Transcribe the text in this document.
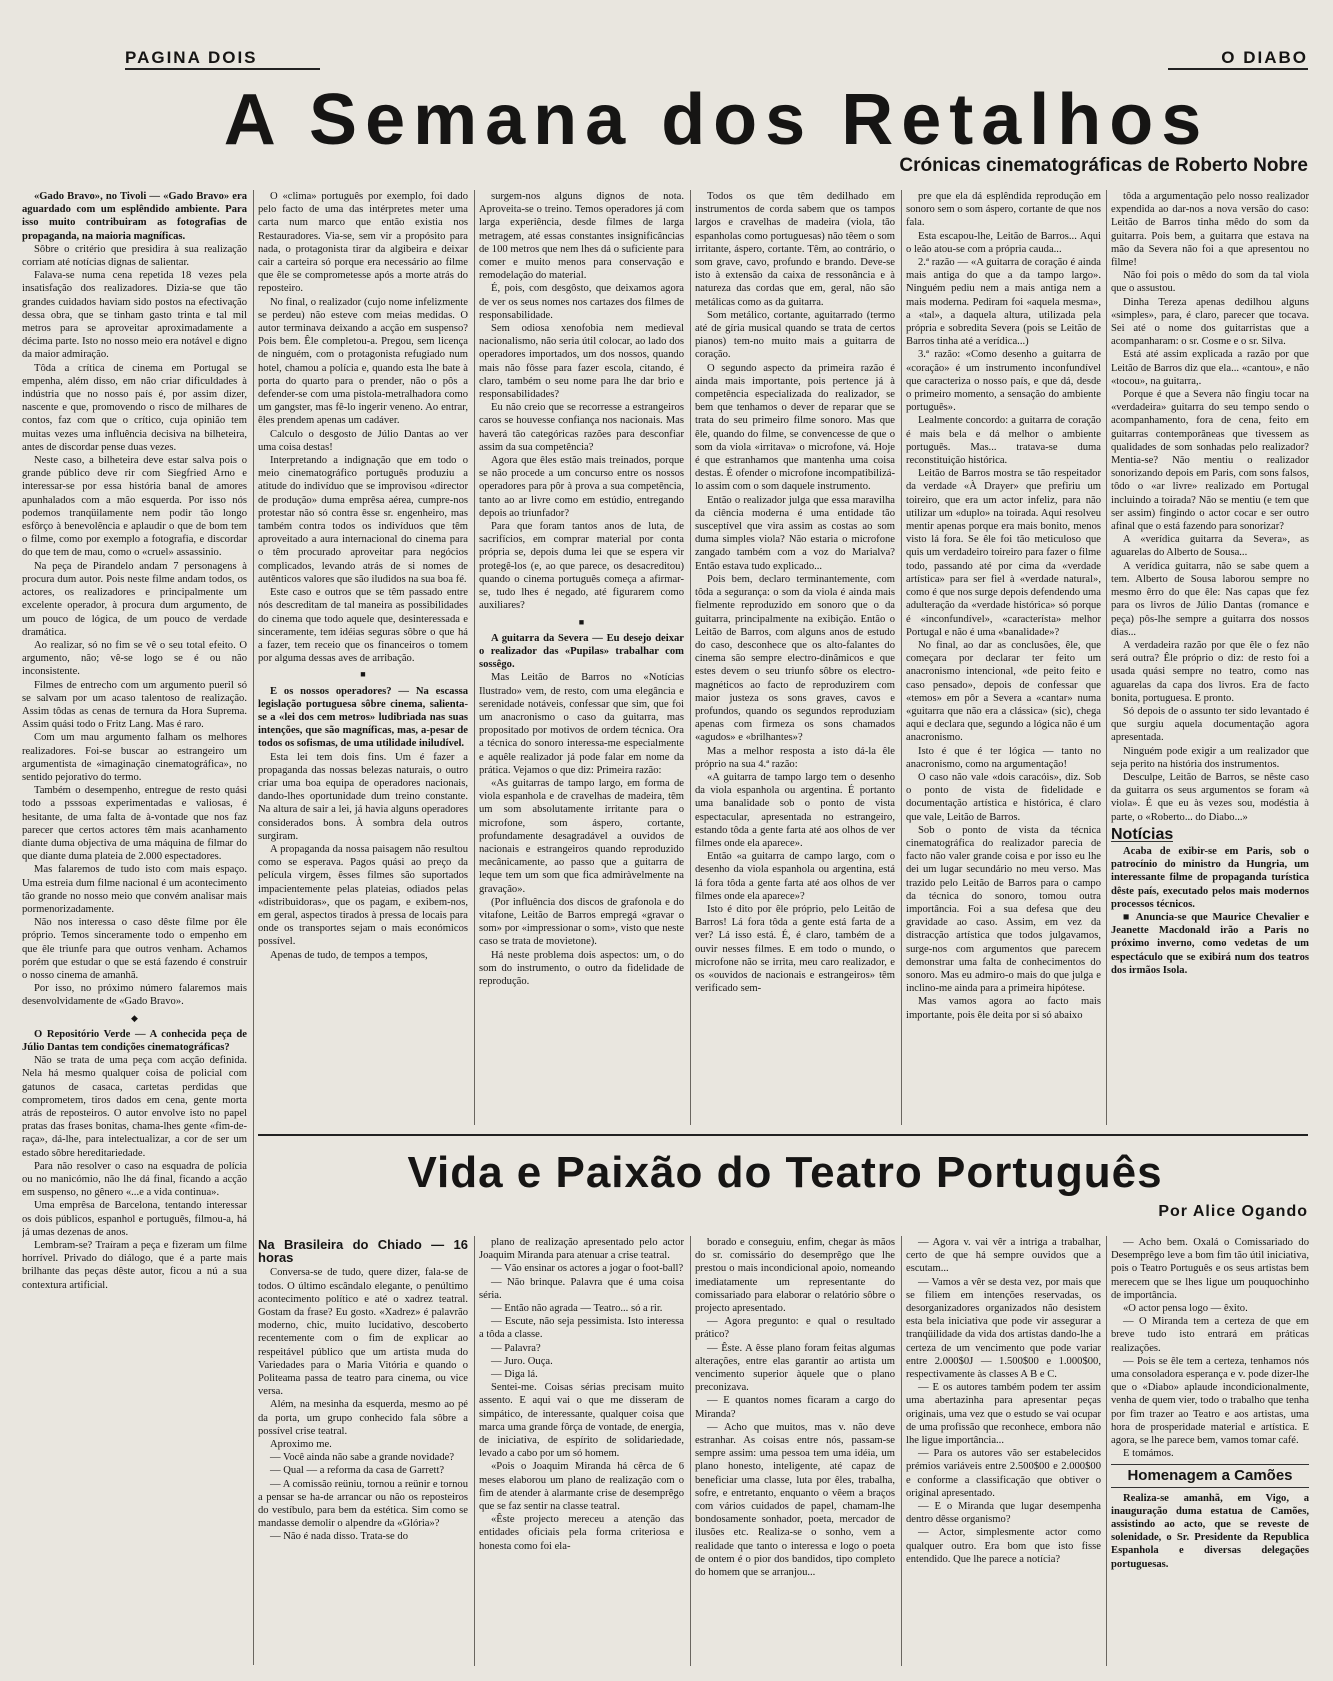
PAGINA DOIS	O DIABO
A Semana dos Retalhos
Crónicas cinematográficas de Roberto Nobre

«Gado Bravo», no Tivoli — «Gado Bravo» era aguardado com um esplêndido ambiente. Para isso muito contribuiram as fotografias de propaganda, na maioria magníficas.

Sôbre o critério que presidira à sua realização corriam até notícias dignas de salientar.

Falava-se numa cena repetida 18 vezes pela insatisfação dos realizadores. Dizia-se que tão grandes cuidados haviam sido postos na efectivação dessa obra, que se tinham gasto trinta e tal mil metros para se aproveitar aproximadamente a décima parte. Isto no nosso meio era notável e digno da maior admiração.

Tôda a crítica de cinema em Portugal se empenha, além disso, em não criar dificuldades à indústria que no nosso país é, por assim dizer, nascente e que, promovendo o risco de milhares de contos, faz com que o crítico, cuja opinião tem muitas vezes uma influência decisiva na bilheteira, antes de discordar pense duas vezes.

Neste caso, a bilheteira deve estar salva pois o grande público deve rir com Siegfried Arno e interessar-se por essa história banal de amores apunhalados com a mão esquerda. Por isso nós podemos tranqüilamente nem podir tão longo esfôrço à benevolência e aplaudir o que de bom tem o filme, como por exemplo a fotografia, e discordar do que tem de mau, como o «cruel» assassinio.

Na peça de Pirandelo andam 7 personagens à procura dum autor. Pois neste filme andam todos, os actores, os realizadores e principalmente um excelente operador, à procura dum argumento, de um pouco de lógica, de um pouco de verdade dramática.

Ao realizar, só no fim se vê o seu total efeito. O argumento, não; vê-se logo se é ou não inconsistente.

Filmes de entrecho com um argumento pueril só se salvam por um acaso talentoso de realização. Assim tôdas as cenas de ternura da Hora Suprema. Assim quási todo o Fritz Lang. Mas é raro.

Com um mau argumento falham os melhores realizadores. Foi-se buscar ao estrangeiro um argumentista de «imaginação cinematográfica», no sentido pejorativo do termo.

Também o desempenho, entregue de resto quási todo a psssoas experimentadas e valiosas, é hesitante, de uma falta de à-vontade que nos faz parecer que certos actores têm mais acanhamento diante duma objectiva de uma máquina de filmar do que diante duma plateia de 2.000 espectadores.

Mas falaremos de tudo isto com mais espaço. Uma estreia dum filme nacional é um acontecimento tão grande no nosso meio que convém analisar mais pormenorizadamente.

Não nos interessa o caso dêste filme por êle próprio. Temos sinceramente todo o empenho em que êle triunfe para que outros venham. Achamos porém que estudar o que se está fazendo é construir o nosso cinema de amanhã.

Por isso, no próximo número falaremos mais desenvolvidamente de «Gado Bravo».

◆

O Repositório Verde — A conhecida peça de Júlio Dantas tem condições cinematográficas?

Não se trata de uma peça com acção definida. Nela há mesmo qualquer coisa de policial com gatunos de casaca, cartetas perdidas que comprometem, tiros dados em cena, gente morta atrás de reposteiros. O autor envolve isto no papel pratas das frases bonitas, chama-lhes gente «fim-de-raça», dá-lhe, para intelectualizar, a cor de ser um estado sôbre hereditariedade.

Para não resolver o caso na esquadra de polícia ou no manicómio, não lhe dá final, ficando a acção em suspenso, no gênero «...e a vida continua».

Uma emprêsa de Barcelona, tentando interessar os dois públicos, espanhol e português, filmou-a, há já umas dezenas de anos.

Lembram-se? Traíram a peça e fizeram um filme horrível. Privado do diálogo, que é a parte mais brilhante das peças dêste autor, ficou a nú a sua contextura artificial.

O «clima» português por exemplo, foi dado pelo facto de uma das intérpretes meter uma carta num marco que então existia nos Restauradores. Via-se, sem vir a propósito para nada, o protagonista tirar da algibeira e deixar cair a carteira só porque era necessário ao filme que êle se comprometesse após a morte atrás do reposteiro.

No final, o realizador (cujo nome infelizmente se perdeu) não esteve com meias medidas. O autor terminava deixando a acção em suspenso? Pois bem. Êle completou-a. Pregou, sem licença de ninguém, com o protagonista refugiado num hotel, chamou a polícia e, quando esta lhe bate à porta do quarto para o prender, não o pôs a defender-se com uma pistola-metralhadora como um gangster, mas fê-lo ingerir veneno. Ao entrar, êles prendem apenas um cadáver.

Calculo o desgosto de Júlio Dantas ao ver uma coisa destas!

Interpretando a indignação que em todo o meio cinematográfico português produziu a atitude do indivíduo que se improvisou «director de produção» duma emprêsa aérea, cumpre-nos protestar não só contra êsse sr. engenheiro, mas também contra todos os indivíduos que têm aproveitado a aura internacional do cinema para o têm procurado aproveitar para negócios complicados, levando atrás de si nomes de autênticos valores que são iludidos na sua boa fé.

Este caso e outros que se têm passado entre nós descreditam de tal maneira as possibilidades do cinema que todo aquele que, desinteressada e sinceramente, tem idéias seguras sôbre o que há a fazer, tem receio que os financeiros o tomem por alguma dessas aves de arribação.

■

E os nossos operadores? — Na escassa legislação portuguesa sôbre cinema, salienta-se a «lei dos cem metros» ludibriada nas suas intenções, que são magníficas, mas, a-pesar de todos os sofismas, de uma utilidade iniludível.

Esta lei tem dois fins. Um é fazer a propaganda das nossas belezas naturais, o outro criar uma boa equipa de operadores nacionais, dando-lhes oportunidade dum treino constante. Na altura de sair a lei, já havia alguns operadores considerados bons. À sombra dela outros surgiram.

A propaganda da nossa paisagem não resultou como se esperava. Pagos quási ao preço da película virgem, êsses filmes são suportados impacientemente pelas plateias, odiados pelas «distribuidoras», que os pagam, e exibem-nos, em geral, aspectos tirados à pressa de locais para onde os transportes sejam o mais económicos possível.

Apenas de tudo, de tempos a tempos,

surgem-nos alguns dignos de nota. Aproveita-se o treino. Temos operadores já com larga experiência, desde filmes de larga metragem, até essas constantes insignificâncias de 100 metros que nem lhes dá o suficiente para comer e muito menos para conservação e remodelação do material.

É, pois, com desgôsto, que deixamos agora de ver os seus nomes nos cartazes dos filmes de responsabilidade.

Sem odiosa xenofobia nem medieval nacionalismo, não seria útil colocar, ao lado dos operadores importados, um dos nossos, quando mais não fôsse para fazer escola, citando, é claro, também o seu nome para lhe dar brio e responsabilidades?

Eu não creio que se recorresse a estrangeiros caros se houvesse confiança nos nacionais. Mas haverá tão categóricas razões para desconfiar assim da sua competência?

Agora que êles estão mais treinados, porque se não procede a um concurso entre os nossos operadores para pôr à prova a sua competência, tanto ao ar livre como em estúdio, entregando depois ao triunfador?

Para que foram tantos anos de luta, de sacrifícios, em comprar material por conta própria se, depois duma lei que se espera vir protegê-los (e, ao que parece, os desacreditou) quando o cinema português começa a afirmar-se, tudo lhes é negado, até figurarem como auxiliares?

■

A guitarra da Severa — Eu desejo deixar o realizador das «Pupilas» trabalhar com sossêgo.

Mas Leitão de Barros no «Notícias Ilustrado» vem, de resto, com uma elegância e serenidade notáveis, confessar que sim, que foi um anacronismo o caso da guitarra, mas propositado por motivos de ordem técnica. Ora a técnica do sonoro interessa-me especialmente e aquêle realizador já pode falar em nome da prática. Vejamos o que diz: Primeira razão:

«As guitarras de tampo largo, em forma de viola espanhola e de cravelhas de madeira, têm um som absolutamente irritante para o microfone, som áspero, cortante, profundamente desagradável a ouvidos de nacionais e estrangeiros quando reproduzido mecânicamente, ao passo que a guitarra de leque tem um som que fica admiràvelmente na gravação».

(Por influência dos discos de grafonola e do vitafone, Leitão de Barros empregá «gravar o som» por «impressionar o som», visto que neste caso se trata de movietone).

Há neste problema dois aspectos: um, o do som do instrumento, o outro da fidelidade de reprodução.

Todos os que têm dedilhado em instrumentos de corda sabem que os tampos largos e cravelhas de madeira (viola, tão espanholas como portuguesas) não têem o som irritante, áspero, cortante. Têm, ao contrário, o som grave, cavo, profundo e brando. Deve-se isto à extensão da caixa de ressonância e à natureza das cordas que em, geral, não são metálicas como as da guitarra.

Som metálico, cortante, aguitarrado (termo até de gíria musical quando se trata de certos pianos) tem-no muito mais a guitarra de coração.

O segundo aspecto da primeira razão é ainda mais importante, pois pertence já à competência especializada do realizador, se bem que tenhamos o dever de reparar que se trata do seu primeiro filme sonoro. Mas que êle, quando do filme, se convencesse de que o som da viola «irritava» o microfone, vá. Hoje é que estranhamos que mantenha uma coisa destas. É ofender o microfone incompatibilizá-lo assim com o som daquele instrumento.

Então o realizador julga que essa maravilha da ciência moderna é uma entidade tão susceptível que vira assim as costas ao som duma simples viola? Não estaria o microfone zangado também com a voz do Marialva? Então estava tudo explicado...

Pois bem, declaro terminantemente, com tôda a segurança: o som da viola é ainda mais fielmente reproduzido em sonoro que o da guitarra, principalmente na exibição. Então o Leitão de Barros, com alguns anos de estudo do caso, desconhece que os alto-falantes do cinema são sempre electro-dinâmicos e que estes devem o seu triunfo sôbre os electro-magnéticos ao facto de reproduzirem com maior justeza os sons graves, cavos e profundos, quando os segundos reproduziam apenas com firmeza os sons chamados «agudos» e «brilhantes»?

Mas a melhor resposta a isto dá-la êle próprio na sua 4.ª razão:

«A guitarra de tampo largo tem o desenho da viola espanhola ou argentina. É portanto uma banalidade sob o ponto de vista espectacular, apresentada no estrangeiro, estando tôda a gente farta até aos olhos de ver filmes onde ela aparece».

Então «a guitarra de campo largo, com o desenho da viola espanhola ou argentina, está lá fora tôda a gente farta até aos olhos de ver filmes onde ela aparece»?

Isto é dito por êle próprio, pelo Leitão de Barros! Lá fora tôda a gente está farta de a ver? Lá isso está. É, é claro, também de a ouvir nesses filmes. E em todo o mundo, o microfone não se irrita, meu caro realizador, e os «ouvidos de nacionais e estrangeiros» têm verificado sem-

pre que ela dá esplêndida reprodução em sonoro sem o som áspero, cortante de que nos fala.

Esta escapou-lhe, Leitão de Barros... Aqui o leão atou-se com a própria cauda...

2.ª razão — «A guitarra de coração é ainda mais antiga do que a da tampo largo». Ninguém pediu nem a mais antiga nem a mais moderna. Pediram foi «aquela mesma», a «tal», a daquela altura, utilizada pela própria e sobredita Severa (pois se Leitão de Barros tinha até a verídica...)

3.ª razão: «Como desenho a guitarra de «coração» é um instrumento inconfundível que caracteriza o nosso país, e que dá, desde o primeiro momento, a sensação do ambiente português».

Lealmente concordo: a guitarra de coração é mais bela e dá melhor o ambiente português. Mas... tratava-se duma reconstituição histórica.

Leitão de Barros mostra se tão respeitador da verdade «À Drayer» que prefiriu um toireiro, que era um actor infeliz, para não utilizar um «duplo» na toirada. Aqui resolveu mentir apenas porque era mais bonito, menos visto lá fora. Se êle foi tão meticuloso que quis um verdadeiro toireiro para fazer o filme todo, passando até por cima da «verdade artística» para ser fiel à «verdade natural», como é que nos surge depois defendendo uma adulteração da «verdade histórica» só porque é «inconfundível», «característa» melhor Portugal e não é uma «banalidade»?

No final, ao dar as conclusões, êle, que começara por declarar ter feito um anacronismo intencional, «de peito feito e caso pensado», depois de confessar que «temos» em pôr a Severa a «cantar» numa «guitarra que não era a clássica» (sic), chega aqui e declara que, segundo a lógica não é um anacronismo.

Isto é que é ter lógica — tanto no anacronismo, como na argumentação!

O caso não vale «dois caracóis», diz. Sob o ponto de vista de fidelidade e documentação artística e histórica, é claro que vale, Leitão de Barros.

Sob o ponto de vista da técnica cinematográfica do realizador parecia de facto não valer grande coisa e por isso eu lhe dei um lugar secundário no meu verso. Mas trazido pelo Leitão de Barros para o campo da técnica do sonoro, tomou outra importância. Foi a sua defesa que deu gravidade ao caso. Assim, em vez da distracção artística que todos julgavamos, surge-nos com argumentos que parecem demonstrar uma falta de conhecimentos do sonoro. Mas eu admiro-o mais do que julga e inclino-me ainda para a primeira hipótese.

Mas vamos agora ao facto mais importante, pois êle deita por si só abaixo

tôda a argumentação pelo nosso realizador expendida ao dar-nos a nova versão do caso: Leitão de Barros tinha mêdo do som da guitarra. Pois bem, a guitarra que estava na mão da Severa não foi a que apresentou no filme!

Não foi pois o mêdo do som da tal viola que o assustou.

Dinha Tereza apenas dedilhou alguns «simples», para, é claro, parecer que tocava. Sei até o nome dos guitarristas que a acompanharam: o sr. Cosme e o sr. Silva.

Está até assim explicada a razão por que Leitão de Barros diz que ela... «cantou», e não «tocou», na guitarra,.

Porque é que a Severa não fingiu tocar na «verdadeira» guitarra do seu tempo sendo o acompanhamento, fora de cena, feito em guitarras contemporâneas que tivessem as qualidades de som sonhadas pelo realizador? Mentia-se? Não mentiu o realizador sonorizando depois em Paris, com sons falsos, tôdo o «ar livre» realizado em Portugal incluindo a toirada? Não se mentiu (e tem que ser assim) fingindo o actor cocar e ser outro afinal que o está fazendo para sonorizar?

A «verídica guitarra da Severa», as aguarelas do Alberto de Sousa...

A verídica guitarra, não se sabe quem a tem. Alberto de Sousa laborou sempre no mesmo êrro do que êle: Nas capas que fez para os livros de Júlio Dantas (romance e peça) pôs-lhe sempre a guitarra dos nossos dias...

A verdadeira razão por que êle o fez não será outra? Êle próprio o diz: de resto foi a usada quási sempre no teatro, como nas aguarelas da capa dos livros. Era de facto bonita, portuguesa. E pronto.

Só depois de o assunto ter sido levantado é que surgiu aquela documentação agora apresentada.

Ninguém pode exigir a um realizador que seja perito na história dos instrumentos.

Desculpe, Leitão de Barros, se nêste caso da guitarra os seus argumentos se foram «à viola». É que eu às vezes sou, modéstia à parte, o «Roberto... do Diabo...»

Notícias

Acaba de exibir-se em Paris, sob o patrocínio do ministro da Hungria, um interessante filme de propaganda turística dêste país, executado pelos mais modernos processos técnicos.

■ Anuncia-se que Maurice Chevalier e Jeanette Macdonald irão a Paris no próximo inverno, como vedetas de um espectáculo que se exibirá num dos teatros dos irmãos Isola.

Vida e Paixão do Teatro Português
Por Alice Ogando

Na Brasileira do Chiado — 16 horas

Conversa-se de tudo, quere dizer, fala-se de todos. O último escândalo elegante, o penúltimo acontecimento político e até o xadrez teatral. Gostam da frase? Eu gosto. «Xadrez» é palavrão moderno, chic, muito lucidativo, descoberto recentemente com o fim de explicar ao respeitável público que um artista muda do Variedades para o Maria Vitória e quando o Politeama passa de teatro para cinema, ou vice versa.

Além, na mesinha da esquerda, mesmo ao pé da porta, um grupo conhecido fala sôbre a possível crise teatral.

Aproximo me.

— Você ainda não sabe a grande novidade?

— Qual — a reforma da casa de Garrett?

— A comissão reüniu, tornou a reünir e tornou a pensar se ha-de arrancar ou não os reposteiros do vestíbulo, para bem da estética. Sim como se mandasse demolir o alpendre da «Glória»?

— Não é nada disso. Trata-se do

plano de realização apresentado pelo actor Joaquim Miranda para atenuar a crise teatral.

— Vão ensinar os actores a jogar o foot-ball?

— Não brinque. Palavra que é uma coisa séria.

— Então não agrada — Teatro... só a rir.

— Escute, não seja pessimista. Isto interessa a tôda a classe.

— Palavra?

— Juro. Ouça.

— Diga lá.

Sentei-me. Coisas sérias precisam muito assento. E aqui vai o que me disseram de simpático, de interessante, qualquer coisa que marca uma grande fôrça de vontade, de energia, de iniciativa, de espírito de solidariedade, levado a cabo por um só homem.

«Pois o Joaquim Miranda há cêrca de 6 meses elaborou um plano de realização com o fim de atender à alarmante crise de desemprêgo que se faz sentir na classe teatral.

«Êste projecto mereceu a atenção das entidades oficiais pela forma criteriosa e honesta como foi ela-

borado e conseguiu, enfim, chegar às mãos do sr. comissário do desemprêgo que lhe prestou o mais incondicional apoio, nomeando imediatamente um representante do comissariado para elaborar o relatório sôbre o projecto apresentado.

— Agora pregunto: e qual o resultado prático?

— Êste. A êsse plano foram feitas algumas alterações, entre elas garantir ao artista um vencimento superior àquele que o plano preconizava.

— E quantos nomes ficaram a cargo do Miranda?

— Acho que muitos, mas v. não deve estranhar. As coisas entre nós, passam-se sempre assim: uma pessoa tem uma idéia, um plano honesto, inteligente, até capaz de beneficiar uma classe, luta por êles, trabalha, sofre, e entretanto, enquanto o vêem a braços com vários cuidados de papel, chamam-lhe bondosamente sonhador, poeta, mercador de ilusões etc. Realiza-se o sonho, vem a realidade que tanto o interessa e logo o poeta de ontem é o pior dos bandidos, tipo completo do homem que se arranjou...

— Agora v. vai vêr a intriga a trabalhar, certo de que há sempre ouvidos que a escutam...

— Vamos a vêr se desta vez, por mais que se filiem em intenções reservadas, os desorganizadores organizados não desistem esta bela iniciativa que pode vir assegurar a tranqüilidade da vida dos artistas dando-lhe a certeza de um vencimento que pode variar entre 2.000$0J — 1.500$00 e 1.000$00, respectivamente às classes A B e C.

— E os autores também podem ter assim uma abertazinha para apresentar peças originais, uma vez que o estudo se vai ocupar de uma profissão que reconhece, embora não lhe ligue importância...

— Para os autores vão ser estabelecidos prémios variáveis entre 2.500$00 e 2.000$00 e conforme a classificação que obtiver o original apresentado.

— E o Miranda que lugar desempenha dentro dêsse organismo?

— Actor, simplesmente actor como qualquer outro. Era bom que isto fisse entendido. Que lhe parece a notícia?

— Acho bem. Oxalá o Comissariado do Desemprêgo leve a bom fim tão útil iniciativa, pois o Teatro Português e os seus artistas bem merecem que se lhes ligue um pouquochinho de importância.

«O actor pensa logo — êxito.

— O Miranda tem a certeza de que em breve tudo isto entrará em práticas realizações.

— Pois se êle tem a certeza, tenhamos nós uma consoladora esperança e v. pode dizer-lhe que o «Diabo» aplaude incondicionalmente, venha de quem vier, todo o trabalho que tenha por fim trazer ao Teatro e aos artistas, uma hora de prosperidade material e artística. E agora, se lhe parece bem, vamos tomar café.

E tomámos.

Homenagem a Camões

Realiza-se amanhã, em Vigo, a inauguração duma estatua de Camões, assistindo ao acto, que se reveste de solenidade, o Sr. Presidente da Republica Espanhola e diversas delegações portuguesas.
